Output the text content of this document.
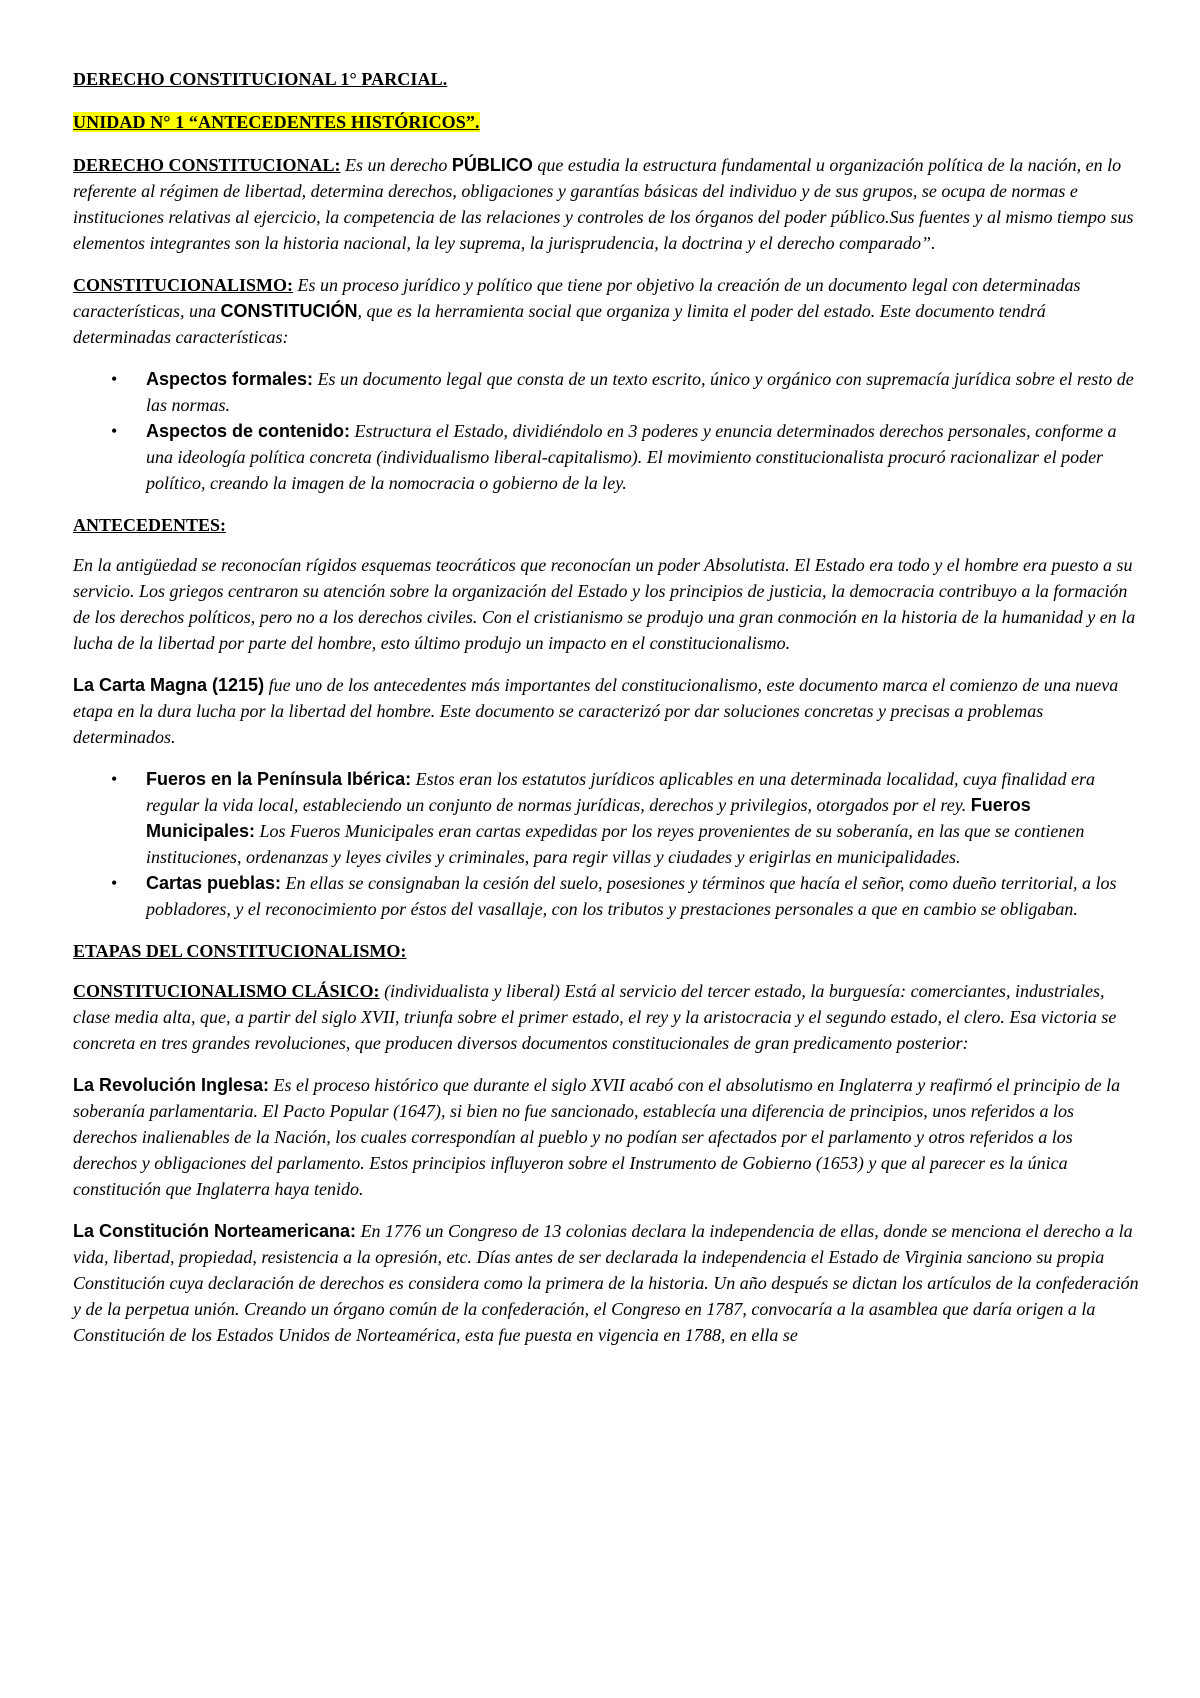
DERECHO CONSTITUCIONAL 1° PARCIAL.
UNIDAD N° 1 “ANTECEDENTES HISTÓRICOS”.

DERECHO CONSTITUCIONAL: Es un derecho PÚBLICO que estudia la estructura fundamental u organización política de la nación, en lo referente al régimen de libertad, determina derechos, obligaciones y garantías básicas del individuo y de sus grupos, se ocupa de normas e instituciones relativas al ejercicio, la competencia de las relaciones y controles de los órganos del poder público.Sus fuentes y al mismo tiempo sus elementos integrantes son la historia nacional, la ley suprema, la jurisprudencia, la doctrina y el derecho comparado”.

CONSTITUCIONALISMO: Es un proceso jurídico y político que tiene por objetivo la creación de un documento legal con determinadas características, una CONSTITUCIÓN, que es la herramienta social que organiza y limita el poder del estado. Este documento tendrá determinadas características:

• Aspectos formales: Es un documento legal que consta de un texto escrito, único y orgánico con supremacía jurídica sobre el resto de las normas.
• Aspectos de contenido: Estructura el Estado, dividiéndolo en 3 poderes y enuncia determinados derechos personales, conforme a una ideología política concreta (individualismo liberal-capitalismo). El movimiento constitucionalista procuró racionalizar el poder político, creando la imagen de la nomocracia o gobierno de la ley.
ANTECEDENTES:

En la antigüedad se reconocían rígidos esquemas teocráticos que reconocían un poder Absolutista. El Estado era todo y el hombre era puesto a su servicio. Los griegos centraron su atención sobre la organización del Estado y los principios de justicia, la democracia contribuyo a la formación de los derechos políticos, pero no a los derechos civiles. Con el cristianismo se produjo una gran conmoción en la historia de la humanidad y en la lucha de la libertad por parte del hombre, esto último produjo un impacto en el constitucionalismo.

La Carta Magna (1215) fue uno de los antecedentes más importantes del constitucionalismo, este documento marca el comienzo de una nueva etapa en la dura lucha por la libertad del hombre. Este documento se caracterizó por dar soluciones concretas y precisas a problemas determinados.

• Fueros en la Península Ibérica: Estos eran los estatutos jurídicos aplicables en una determinada localidad, cuya finalidad era regular la vida local, estableciendo un conjunto de normas jurídicas, derechos y privilegios, otorgados por el rey. Fueros Municipales: Los Fueros Municipales eran cartas expedidas por los reyes provenientes de su soberanía, en las que se contienen instituciones, ordenanzas y leyes civiles y criminales, para regir villas y ciudades y erigirlas en municipalidades.
• Cartas pueblas: En ellas se consignaban la cesión del suelo, posesiones y términos que hacía el señor, como dueño territorial, a los pobladores, y el reconocimiento por éstos del vasallaje, con los tributos y prestaciones personales a que en cambio se obligaban.
ETAPAS DEL CONSTITUCIONALISMO:

CONSTITUCIONALISMO CLÁSICO: (individualista y liberal) Está al servicio del tercer estado, la burguesía: comerciantes, industriales, clase media alta, que, a partir del siglo XVII, triunfa sobre el primer estado, el rey y la aristocracia y el segundo estado, el clero. Esa victoria se concreta en tres grandes revoluciones, que producen diversos documentos constitucionales de gran predicamento posterior:

La Revolución Inglesa: Es el proceso histórico que durante el siglo XVII acabó con el absolutismo en Inglaterra y reafirmó el principio de la soberanía parlamentaria. El Pacto Popular (1647), si bien no fue sancionado, establecía una diferencia de principios, unos referidos a los derechos inalienables de la Nación, los cuales correspondían al pueblo y no podían ser afectados por el parlamento y otros referidos a los derechos y obligaciones del parlamento. Estos principios influyeron sobre el Instrumento de Gobierno (1653) y que al parecer es la única constitución que Inglaterra haya tenido.

La Constitución Norteamericana: En 1776 un Congreso de 13 colonias declara la independencia de ellas, donde se menciona el derecho a la vida, libertad, propiedad, resistencia a la opresión, etc. Días antes de ser declarada la independencia el Estado de Virginia sanciono su propia Constitución cuya declaración de derechos es considera como la primera de la historia. Un año después se dictan los artículos de la confederación y de la perpetua unión. Creando un órgano común de la confederación, el Congreso en 1787, convocaría a la asamblea que daría origen a la Constitución de los Estados Unidos de Norteamérica, esta fue puesta en vigencia en 1788, en ella se
